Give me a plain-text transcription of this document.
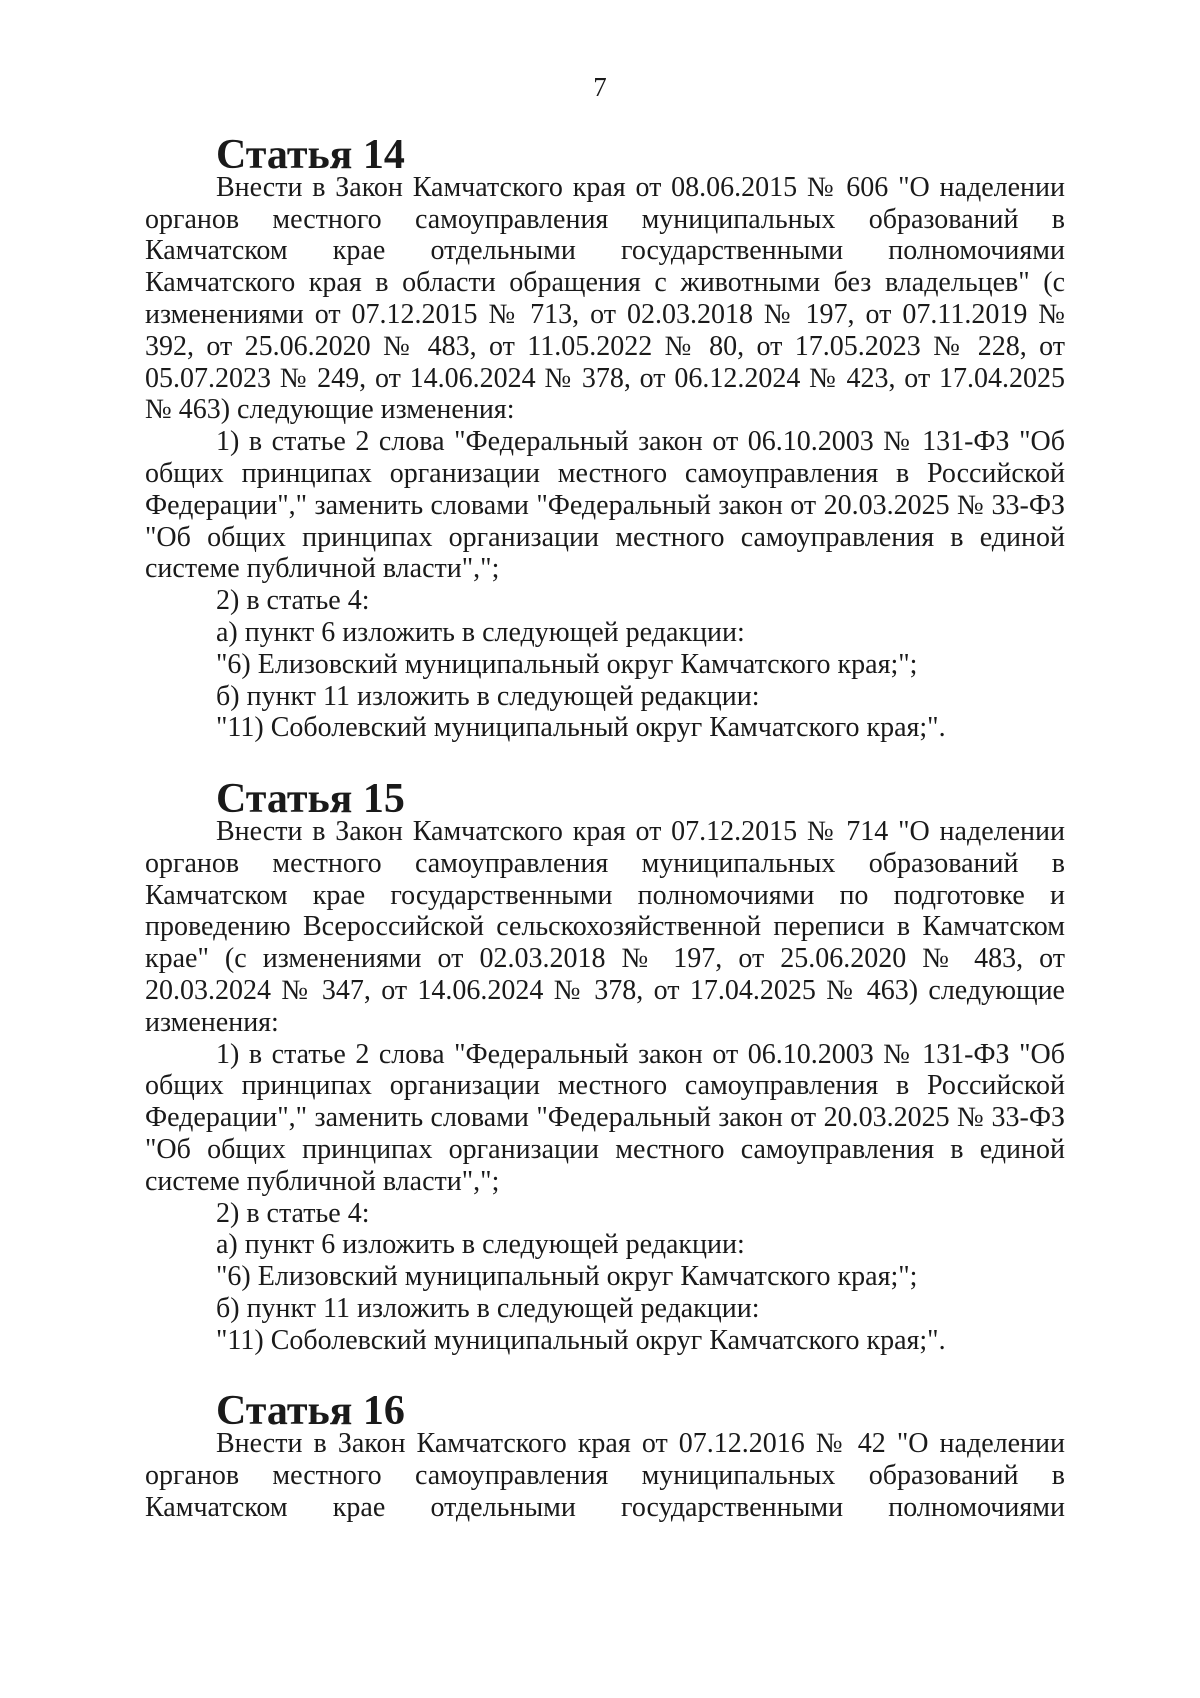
7
Статья 14
Внести в Закон Камчатского края от 08.06.2015 № 606 "О наделении органов местного самоуправления муниципальных образований в Камчатском крае отдельными государственными полномочиями Камчатского края в области обращения с животными без владельцев" (с изменениями от 07.12.2015 № 713, от 02.03.2018 № 197, от 07.11.2019 № 392, от 25.06.2020 № 483, от 11.05.2022 № 80, от 17.05.2023 № 228, от 05.07.2023 № 249, от 14.06.2024 № 378, от 06.12.2024 № 423, от 17.04.2025 № 463) следующие изменения:
1) в статье 2 слова "Федеральный закон от 06.10.2003 № 131-ФЗ "Об общих принципах организации местного самоуправления в Российской Федерации"," заменить словами "Федеральный закон от 20.03.2025 № 33-ФЗ "Об общих принципах организации местного самоуправления в единой системе публичной власти",";
2) в статье 4:
а) пункт 6 изложить в следующей редакции:
"6) Елизовский муниципальный округ Камчатского края;";
б) пункт 11 изложить в следующей редакции:
"11) Соболевский муниципальный округ Камчатского края;".
Статья 15
Внести в Закон Камчатского края от 07.12.2015 № 714 "О наделении органов местного самоуправления муниципальных образований в Камчатском крае государственными полномочиями по подготовке и проведению Всероссийской сельскохозяйственной переписи в Камчатском крае" (с изменениями от 02.03.2018 № 197, от 25.06.2020 № 483, от 20.03.2024 № 347, от 14.06.2024 № 378, от 17.04.2025 № 463) следующие изменения:
1) в статье 2 слова "Федеральный закон от 06.10.2003 № 131-ФЗ "Об общих принципах организации местного самоуправления в Российской Федерации"," заменить словами "Федеральный закон от 20.03.2025 № 33-ФЗ "Об общих принципах организации местного самоуправления в единой системе публичной власти",";
2) в статье 4:
а) пункт 6 изложить в следующей редакции:
"6) Елизовский муниципальный округ Камчатского края;";
б) пункт 11 изложить в следующей редакции:
"11) Соболевский муниципальный округ Камчатского края;".
Статья 16
Внести в Закон Камчатского края от 07.12.2016 № 42 "О наделении органов местного самоуправления муниципальных образований в Камчатском крае отдельными государственными полномочиями
